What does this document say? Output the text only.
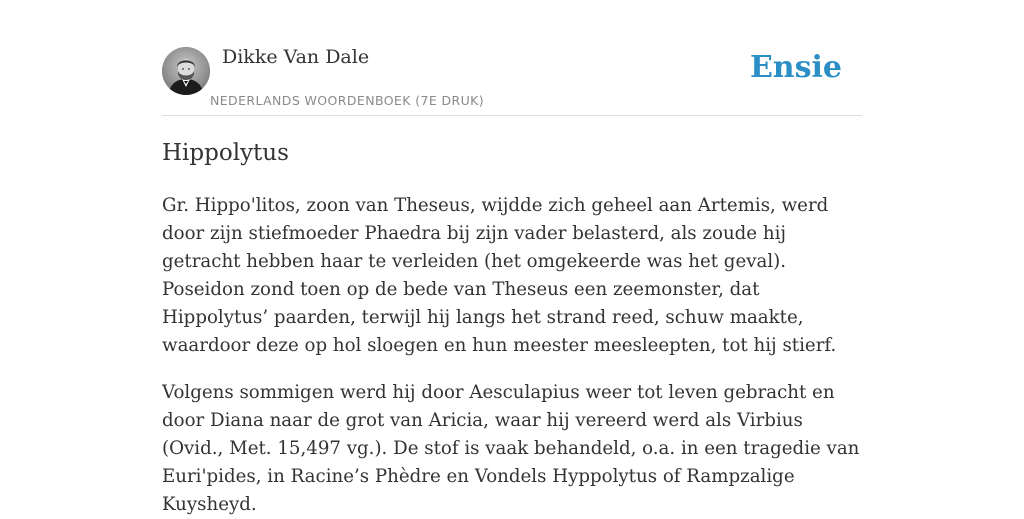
Dikke Van Dale
NEDERLANDS WOORDENBOEK (7E DRUK)
Ensie
Hippolytus

Gr. Hippo'litos, zoon van Theseus, wijdde zich geheel aan Artemis, werd door zijn stiefmoeder Phaedra bij zijn vader belasterd, als zoude hij getracht hebben haar te verleiden (het omgekeerde was het geval). Poseidon zond toen op de bede van Theseus een zeemonster, dat Hippolytus’ paarden, terwijl hij langs het strand reed, schuw maakte, waardoor deze op hol sloegen en hun meester meesleepten, tot hij stierf.

Volgens sommigen werd hij door Aesculapius weer tot leven gebracht en door Diana naar de grot van Aricia, waar hij vereerd werd als Virbius (Ovid., Met. 15,497 vg.). De stof is vaak behandeld, o.a. in een tragedie van Euri'pides, in Racine’s Phèdre en Vondels Hyppolytus of Rampzalige Kuysheyd.
